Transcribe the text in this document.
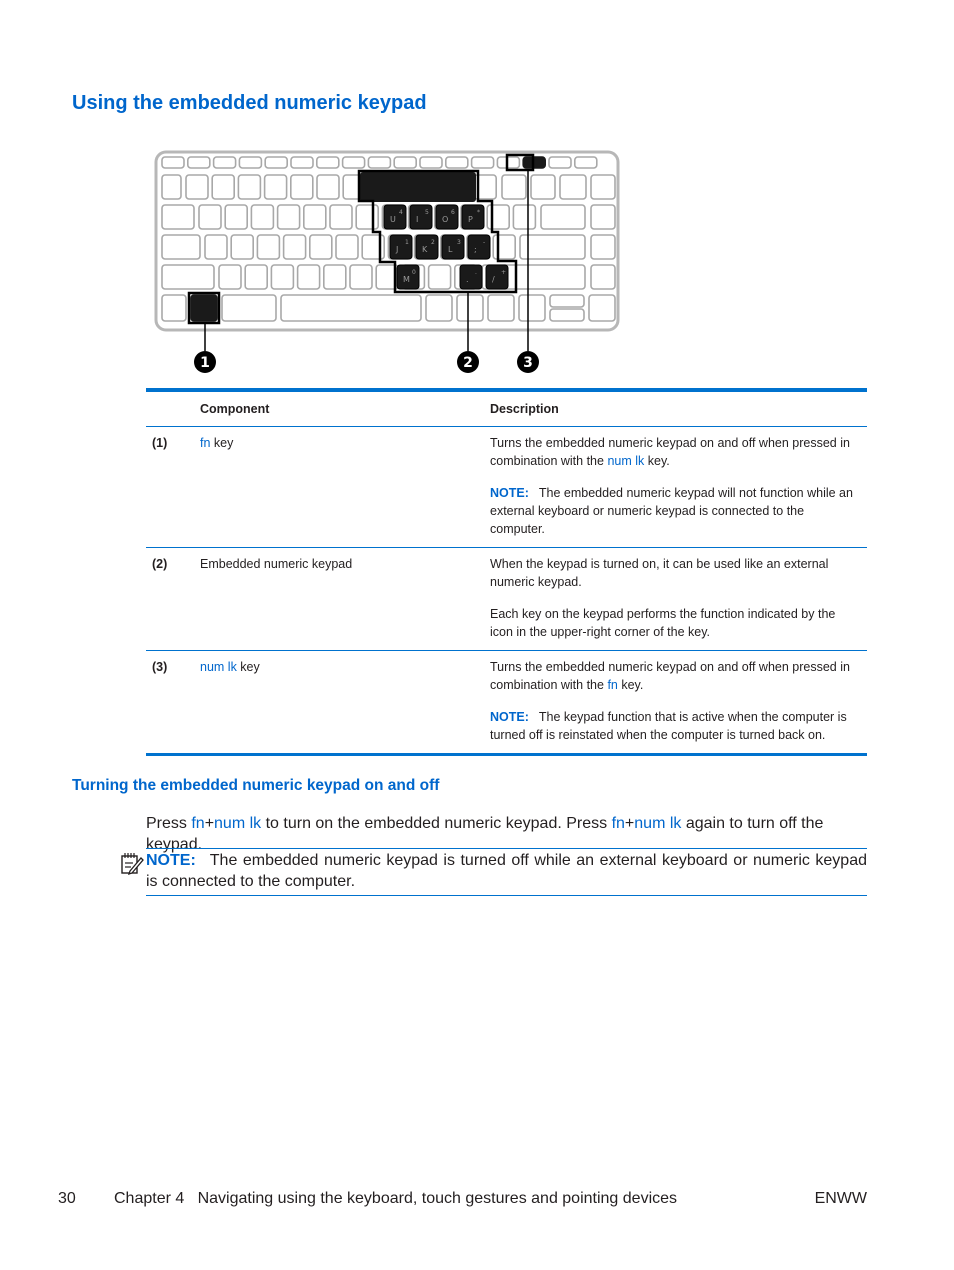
Using the embedded numeric keypad
U
4
I
5
O
6
P
*
J
1
K
2
L
3
;
-
M
0
.
.
/
+
1	2	3
	Component	Description
(1)	fn key	Turns the embedded numeric keypad on and off when pressed in combination with the num lk key.

NOTE: The embedded numeric keypad will not function while an external keyboard or numeric keypad is connected to the computer.

(2)	Embedded numeric keypad	When the keypad is turned on, it can be used like an external numeric keypad.

Each key on the keypad performs the function indicated by the icon in the upper-right corner of the key.

(3)	num lk key	Turns the embedded numeric keypad on and off when pressed in combination with the fn key.

NOTE: The keypad function that is active when the computer is turned off is reinstated when the computer is turned back on.

Turning the embedded numeric keypad on and off

Press fn+num lk to turn on the embedded numeric keypad. Press fn+num lk again to turn off the keypad.

NOTE: The embedded numeric keypad is turned off while an external keyboard or numeric keypad is connected to the computer.
30 Chapter 4   Navigating using the keyboard, touch gestures and pointing devices	ENWW
